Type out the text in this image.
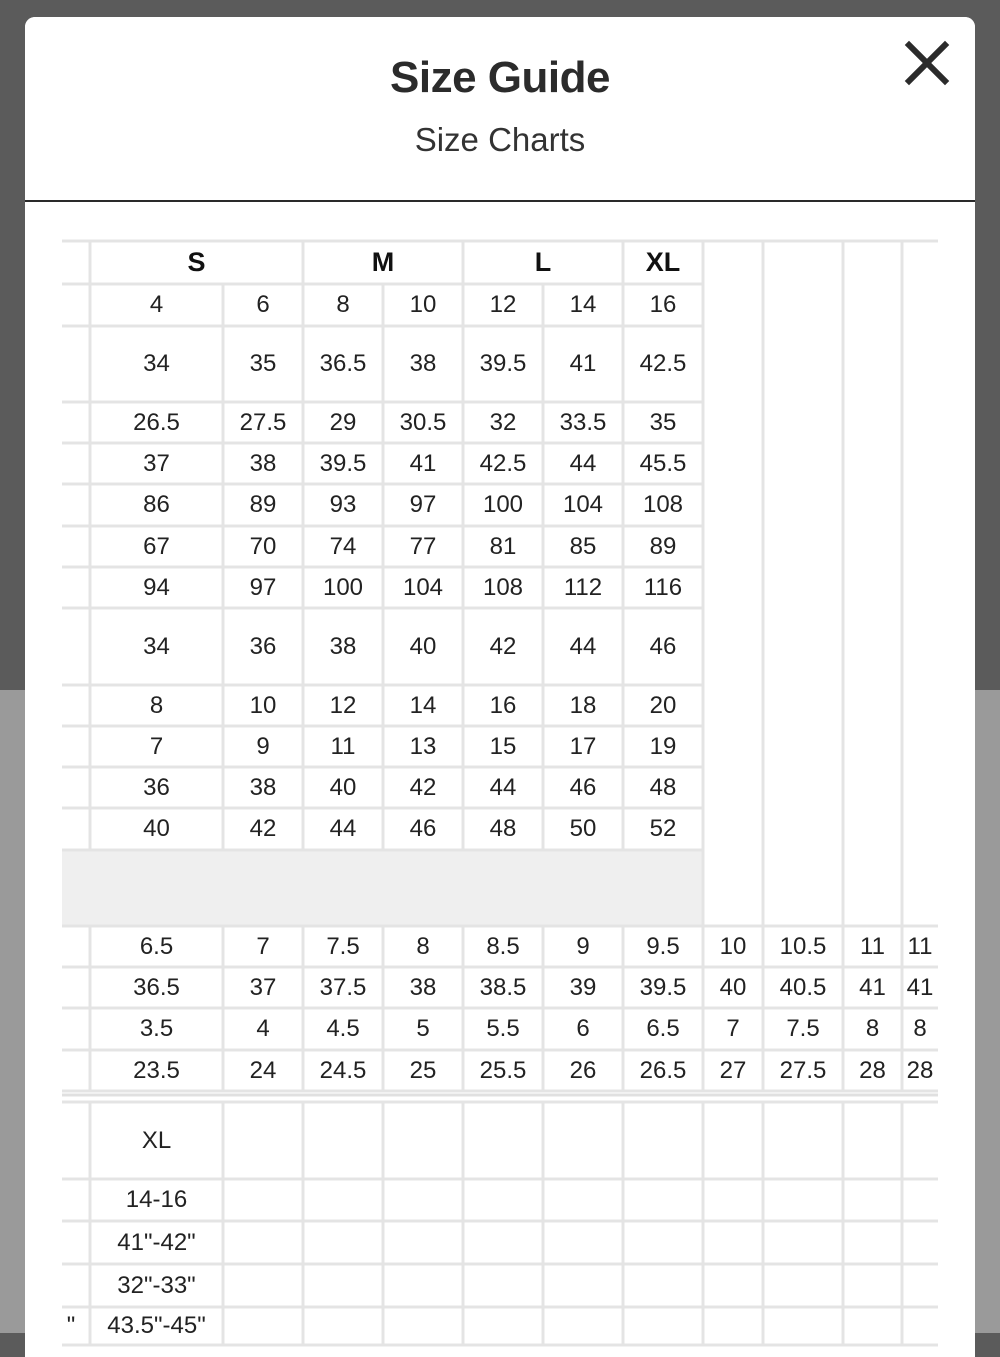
Size Guide
Size Charts
S	M	L	XL
4	6	8	10	12	14	16
34	35	36.5	38	39.5	41	42.5
26.5	27.5	29	30.5	32	33.5	35
37	38	39.5	41	42.5	44	45.5
86	89	93	97	100	104	108
67	70	74	77	81	85	89
94	97	100	104	108	112	116
34	36	38	40	42	44	46
8	10	12	14	16	18	20
7	9	11	13	15	17	19
36	38	40	42	44	46	48
40	42	44	46	48	50	52
6.5	7	7.5	8	8.5	9	9.5	10	10.5	11 11
36.5	37	37.5	38	38.5	39	39.5	40	40.5	41 41
3.5	4	4.5	5	5.5	6	6.5	7	7.5	8	8
23.5	24	24.5	25	25.5	26	26.5	27	27.5	28 28
XL
14-16
41"-42"
32"-33"
43.5"-45"
"
